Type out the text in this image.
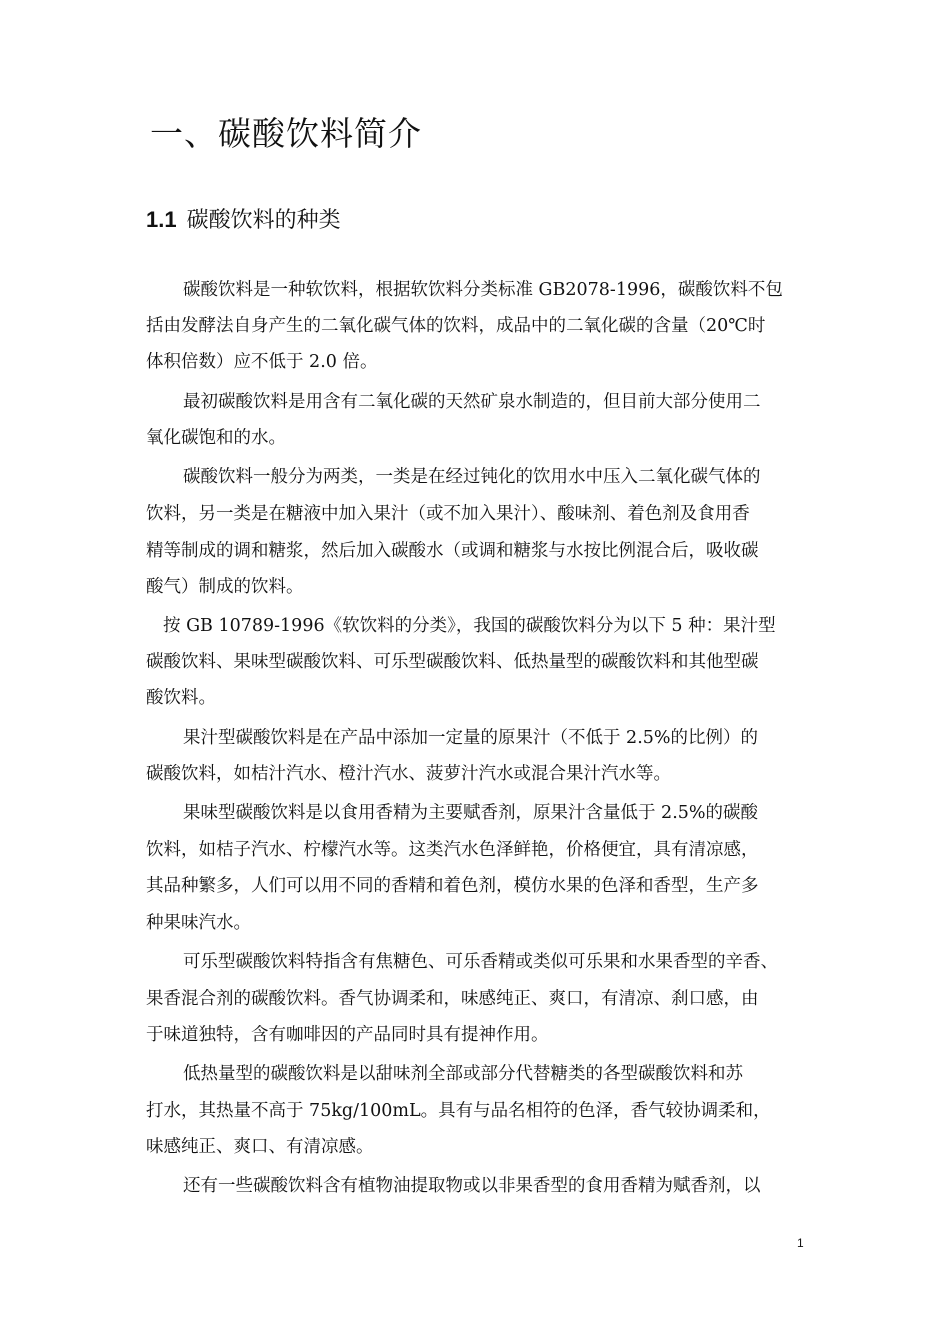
一、碳酸饮料简介
1.1 碳酸饮料的种类

碳酸饮料是一种软饮料，根据软饮料分类标准 GB2078-1996，碳酸饮料不包

括由发酵法自身产生的二氧化碳气体的饮料，成品中的二氧化碳的含量（20℃时

体积倍数）应不低于 2.0 倍。

最初碳酸饮料是用含有二氧化碳的天然矿泉水制造的，但目前大部分使用二

氧化碳饱和的水。

碳酸饮料一般分为两类，一类是在经过钝化的饮用水中压入二氧化碳气体的

饮料，另一类是在糖液中加入果汁（或不加入果汁）、酸味剂、着色剂及食用香

精等制成的调和糖浆，然后加入碳酸水（或调和糖浆与水按比例混合后，吸收碳

酸气）制成的饮料。

按 GB 10789-1996《软饮料的分类》，我国的碳酸饮料分为以下 5 种：果汁型

碳酸饮料、果味型碳酸饮料、可乐型碳酸饮料、低热量型的碳酸饮料和其他型碳

酸饮料。

果汁型碳酸饮料是在产品中添加一定量的原果汁（不低于 2.5%的比例）的

碳酸饮料，如桔汁汽水、橙汁汽水、菠萝汁汽水或混合果汁汽水等。

果味型碳酸饮料是以食用香精为主要赋香剂，原果汁含量低于 2.5%的碳酸

饮料，如桔子汽水、柠檬汽水等。这类汽水色泽鲜艳，价格便宜，具有清凉感，

其品种繁多，人们可以用不同的香精和着色剂，模仿水果的色泽和香型，生产多

种果味汽水。

可乐型碳酸饮料特指含有焦糖色、可乐香精或类似可乐果和水果香型的辛香、

果香混合剂的碳酸饮料。香气协调柔和，味感纯正、爽口，有清凉、刹口感，由

于味道独特，含有咖啡因的产品同时具有提神作用。

低热量型的碳酸饮料是以甜味剂全部或部分代替糖类的各型碳酸饮料和苏

打水，其热量不高于 75kg/100mL。具有与品名相符的色泽，香气较协调柔和，

味感纯正、爽口、有清凉感。

还有一些碳酸饮料含有植物油提取物或以非果香型的食用香精为赋香剂，以

1
